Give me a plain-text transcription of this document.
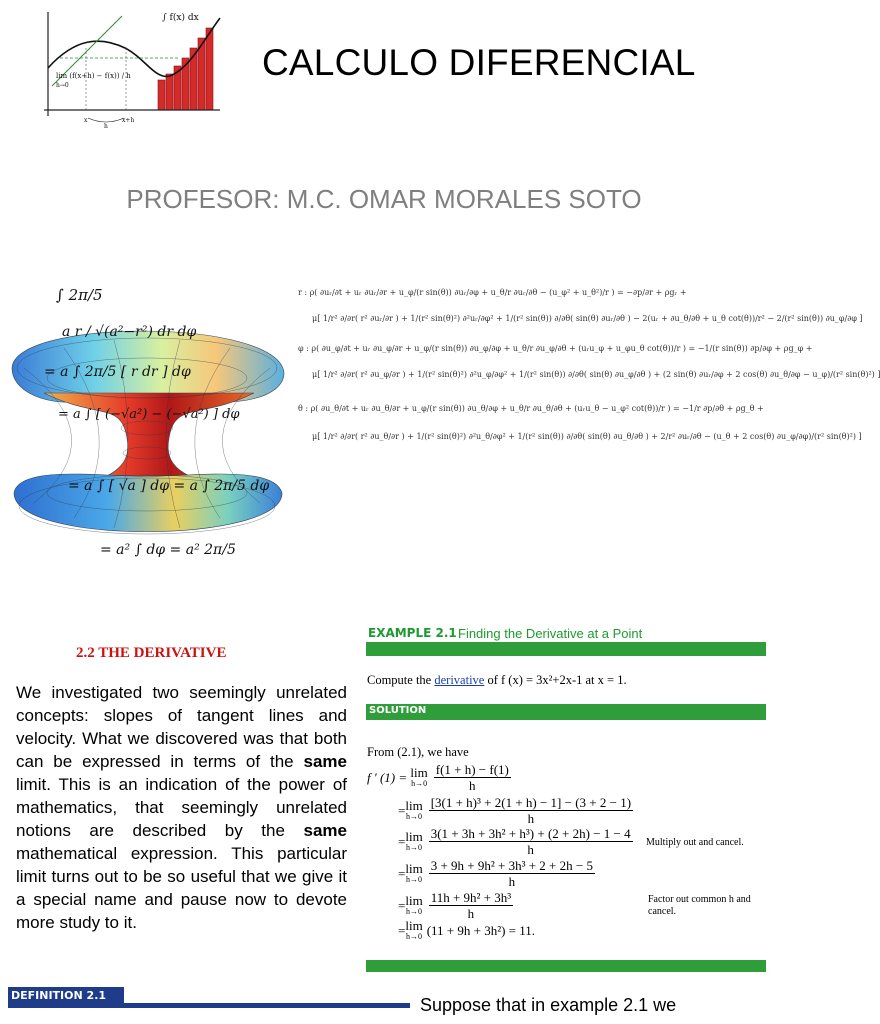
∫ f(x) dx
lim (f(x+h) − f(x)) / h
h→0
x
h
x+h
CALCULO DIFERENCIAL
PROFESOR: M.C. OMAR MORALES SOTO
∫ 2π/5
a r / √(a²−r²) dr dφ
= a ∫ 2π/5 [ r dr ] dφ
= a ∫ [ (−√a²) − (−√a²) ] dφ
= a ∫ [ √a ] dφ = a ∫ 2π/5 dφ
= a² ∫ dφ = a² 2π/5
r : ρ( ∂uᵣ/∂t + uᵣ ∂uᵣ/∂r + u_φ/(r sin(θ)) ∂uᵣ/∂φ + u_θ/r ∂uᵣ/∂θ − (u_φ² + u_θ²)/r ) = −∂p/∂r + ρgᵣ +
μ[ 1/r² ∂/∂r( r² ∂uᵣ/∂r ) + 1/(r² sin(θ)²) ∂²uᵣ/∂φ² + 1/(r² sin(θ)) ∂/∂θ( sin(θ) ∂uᵣ/∂θ ) − 2(uᵣ + ∂u_θ/∂θ + u_θ cot(θ))/r² − 2/(r² sin(θ)) ∂u_φ/∂φ ]
φ : ρ( ∂u_φ/∂t + uᵣ ∂u_φ/∂r + u_φ/(r sin(θ)) ∂u_φ/∂φ + u_θ/r ∂u_φ/∂θ + (uᵣu_φ + u_φu_θ cot(θ))/r ) = −1/(r sin(θ)) ∂p/∂φ + ρg_φ +
μ[ 1/r² ∂/∂r( r² ∂u_φ/∂r ) + 1/(r² sin(θ)²) ∂²u_φ/∂φ² + 1/(r² sin(θ)) ∂/∂θ( sin(θ) ∂u_φ/∂θ ) + (2 sin(θ) ∂uᵣ/∂φ + 2 cos(θ) ∂u_θ/∂φ − u_φ)/(r² sin(θ)²) ]
θ : ρ( ∂u_θ/∂t + uᵣ ∂u_θ/∂r + u_φ/(r sin(θ)) ∂u_θ/∂φ + u_θ/r ∂u_θ/∂θ + (uᵣu_θ − u_φ² cot(θ))/r ) = −1/r ∂p/∂θ + ρg_θ +
μ[ 1/r² ∂/∂r( r² ∂u_θ/∂r ) + 1/(r² sin(θ)²) ∂²u_θ/∂φ² + 1/(r² sin(θ)) ∂/∂θ( sin(θ) ∂u_θ/∂θ ) + 2/r² ∂uᵣ/∂θ − (u_θ + 2 cos(θ) ∂u_φ/∂φ)/(r² sin(θ)²) ]
2.2 THE DERIVATIVE
We investigated two seemingly unrelated concepts: slopes of tangent lines and velocity. What we discovered was that both can be expressed in terms of the same limit. This is an indication of the power of mathematics, that seemingly unrelated notions are described by the same mathematical expression. This particular limit turns out to be so useful that we give it a special name and pause now to devote more study to it.
EXAMPLE 2.1 Finding the Derivative at a Point
Compute the derivative of f (x) = 3x²+2x-1 at x = 1.
SOLUTION
From (2.1), we have
f ′ (1) =
lim
$h\to 0 \frac{f(1 + h) - f(1)}{h}$
= lim
$h\to 0 \frac{\text{[3(1 + h)³ + 2(1 + h) − 1] − (3 + 2 − 1)}}{h}$
= lim
$h\to 0 \frac{\text{3(1 + 3h + 3h² + h³) + (2 + 2h) − 1 − 4}}{h}$ Multiply out and cancel.
= lim
$h\to 0 \frac{\text{3 + 9h + 9h² + 3h³ + 2 + 2h − 5}}{h}$
= lim
$h\to 0 \frac{\text{11h + 9h² + 3h³}}{h}$	Factor out common h and
cancel.
= lim
h→0 (11 + 9h + 3h²) = 11.
DEFINITION 2.1	Suppose that in example 2.1 we
